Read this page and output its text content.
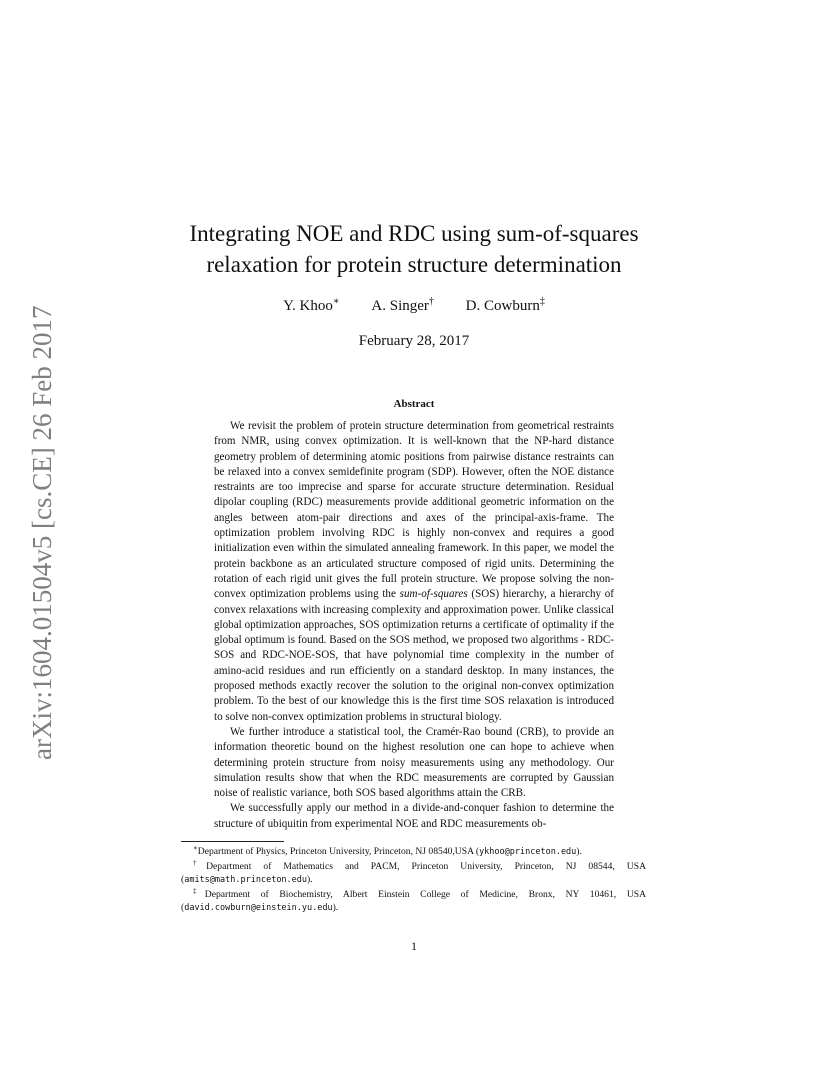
arXiv:1604.01504v5 [cs.CE] 26 Feb 2017
Integrating NOE and RDC using sum-of-squares
relaxation for protein structure determination
Y. Khoo∗ A. Singer† D. Cowburn‡
February 28, 2017
Abstract

We revisit the problem of protein structure determination from geometrical restraints from NMR, using convex optimization. It is well-known that the NP-hard distance geometry problem of determining atomic positions from pairwise distance restraints can be relaxed into a convex semidefinite program (SDP). However, often the NOE distance restraints are too imprecise and sparse for accurate structure determination. Residual dipolar coupling (RDC) measurements provide additional geometric information on the angles between atom-pair directions and axes of the principal-axis-frame. The optimization problem involving RDC is highly non-convex and requires a good initialization even within the simulated annealing framework. In this paper, we model the protein backbone as an articulated structure composed of rigid units. Determining the rotation of each rigid unit gives the full protein structure. We propose solving the non-convex optimization problems using the sum-of-squares (SOS) hierarchy, a hierarchy of convex relaxations with increasing complexity and approximation power. Unlike classical global optimization approaches, SOS optimization returns a certificate of optimality if the global optimum is found. Based on the SOS method, we proposed two algorithms - RDC-SOS and RDC-NOE-SOS, that have polynomial time complexity in the number of amino-acid residues and run efficiently on a standard desktop. In many instances, the proposed methods exactly recover the solution to the original non-convex optimization problem. To the best of our knowledge this is the first time SOS relaxation is introduced to solve non-convex optimization problems in structural biology.

We further introduce a statistical tool, the Cramér-Rao bound (CRB), to provide an information theoretic bound on the highest resolution one can hope to achieve when determining protein structure from noisy measurements using any methodology. Our simulation results show that when the RDC measurements are corrupted by Gaussian noise of realistic variance, both SOS based algorithms attain the CRB.

We successfully apply our method in a divide-and-conquer fashion to determine the structure of ubiquitin from experimental NOE and RDC measurements ob-

∗Department of Physics, Princeton University, Princeton, NJ 08540,USA (ykhoo@princeton.edu).

†Department of Mathematics and PACM, Princeton University, Princeton, NJ 08544, USA (amits@math.princeton.edu).

‡Department of Biochemistry, Albert Einstein College of Medicine, Bronx, NY 10461, USA (david.cowburn@einstein.yu.edu).

1
